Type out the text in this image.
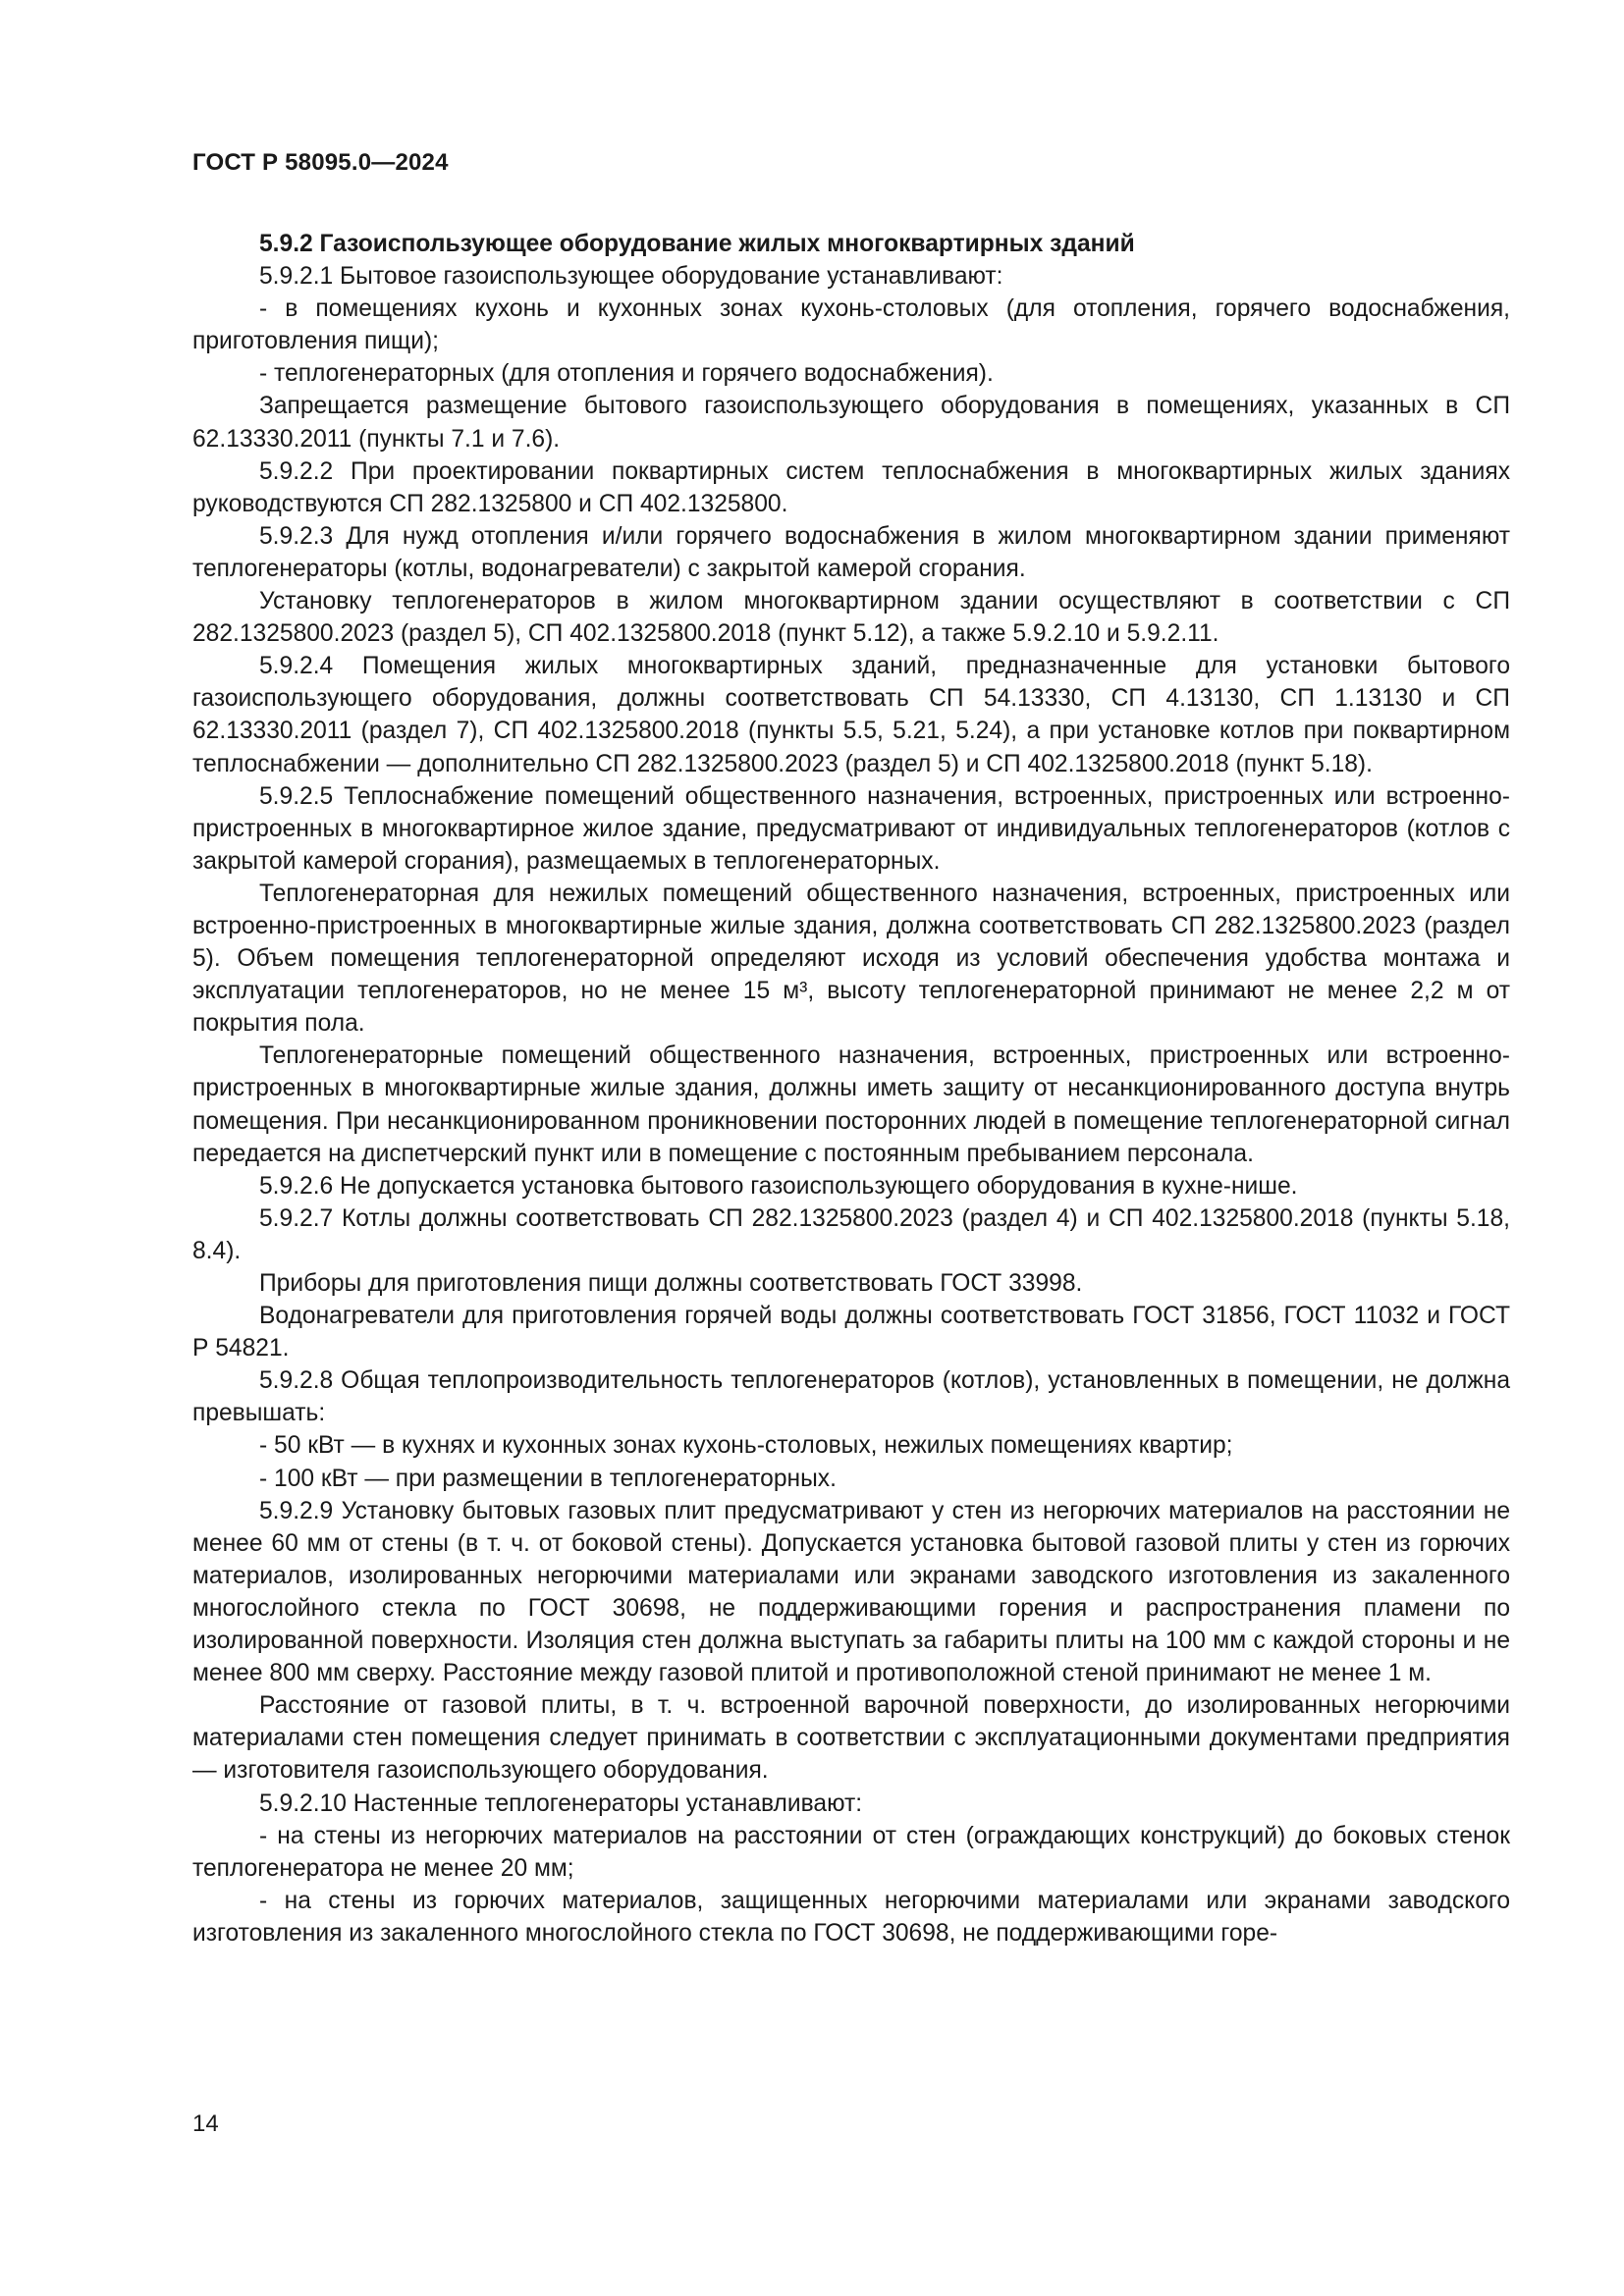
ГОСТ Р 58095.0—2024

5.9.2 Газоиспользующее оборудование жилых многоквартирных зданий

5.9.2.1 Бытовое газоиспользующее оборудование устанавливают:

- в помещениях кухонь и кухонных зонах кухонь-столовых (для отопления, горячего водоснабжения, приготовления пищи);

- теплогенераторных (для отопления и горячего водоснабжения).

Запрещается размещение бытового газоиспользующего оборудования в помещениях, указанных в СП 62.13330.2011 (пункты 7.1 и 7.6).

5.9.2.2 При проектировании поквартирных систем теплоснабжения в многоквартирных жилых зданиях руководствуются СП 282.1325800 и СП 402.1325800.

5.9.2.3 Для нужд отопления и/или горячего водоснабжения в жилом многоквартирном здании применяют теплогенераторы (котлы, водонагреватели) с закрытой камерой сгорания.

Установку теплогенераторов в жилом многоквартирном здании осуществляют в соответствии с СП 282.1325800.2023 (раздел 5), СП 402.1325800.2018 (пункт 5.12), а также 5.9.2.10 и 5.9.2.11.

5.9.2.4 Помещения жилых многоквартирных зданий, предназначенные для установки бытового газоиспользующего оборудования, должны соответствовать СП 54.13330, СП 4.13130, СП 1.13130 и СП 62.13330.2011 (раздел 7), СП 402.1325800.2018 (пункты 5.5, 5.21, 5.24), а при установке котлов при поквартирном теплоснабжении — дополнительно СП 282.1325800.2023 (раздел 5) и СП 402.1325800.2018 (пункт 5.18).

5.9.2.5 Теплоснабжение помещений общественного назначения, встроенных, пристроенных или встроенно-пристроенных в многоквартирное жилое здание, предусматривают от индивидуальных теплогенераторов (котлов с закрытой камерой сгорания), размещаемых в теплогенераторных.

Теплогенераторная для нежилых помещений общественного назначения, встроенных, пристроенных или встроенно-пристроенных в многоквартирные жилые здания, должна соответствовать СП 282.1325800.2023 (раздел 5). Объем помещения теплогенераторной определяют исходя из условий обеспечения удобства монтажа и эксплуатации теплогенераторов, но не менее 15 м³, высоту теплогенераторной принимают не менее 2,2 м от покрытия пола.

Теплогенераторные помещений общественного назначения, встроенных, пристроенных или встроенно-пристроенных в многоквартирные жилые здания, должны иметь защиту от несанкционированного доступа внутрь помещения. При несанкционированном проникновении посторонних людей в помещение теплогенераторной сигнал передается на диспетчерский пункт или в помещение с постоянным пребыванием персонала.

5.9.2.6 Не допускается установка бытового газоиспользующего оборудования в кухне-нише.

5.9.2.7 Котлы должны соответствовать СП 282.1325800.2023 (раздел 4) и СП 402.1325800.2018 (пункты 5.18, 8.4).

Приборы для приготовления пищи должны соответствовать ГОСТ 33998.

Водонагреватели для приготовления горячей воды должны соответствовать ГОСТ 31856, ГОСТ 11032 и ГОСТ Р 54821.

5.9.2.8 Общая теплопроизводительность теплогенераторов (котлов), установленных в помещении, не должна превышать:

- 50 кВт — в кухнях и кухонных зонах кухонь-столовых, нежилых помещениях квартир;

- 100 кВт — при размещении в теплогенераторных.

5.9.2.9 Установку бытовых газовых плит предусматривают у стен из негорючих материалов на расстоянии не менее 60 мм от стены (в т. ч. от боковой стены). Допускается установка бытовой газовой плиты у стен из горючих материалов, изолированных негорючими материалами или экранами заводского изготовления из закаленного многослойного стекла по ГОСТ 30698, не поддерживающими горения и распространения пламени по изолированной поверхности. Изоляция стен должна выступать за габариты плиты на 100 мм с каждой стороны и не менее 800 мм сверху. Расстояние между газовой плитой и противоположной стеной принимают не менее 1 м.

Расстояние от газовой плиты, в т. ч. встроенной варочной поверхности, до изолированных негорючими материалами стен помещения следует принимать в соответствии с эксплуатационными документами предприятия — изготовителя газоиспользующего оборудования.

5.9.2.10 Настенные теплогенераторы устанавливают:

- на стены из негорючих материалов на расстоянии от стен (ограждающих конструкций) до боковых стенок теплогенератора не менее 20 мм;

- на стены из горючих материалов, защищенных негорючими материалами или экранами заводского изготовления из закаленного многослойного стекла по ГОСТ 30698, не поддерживающими горе-

14
